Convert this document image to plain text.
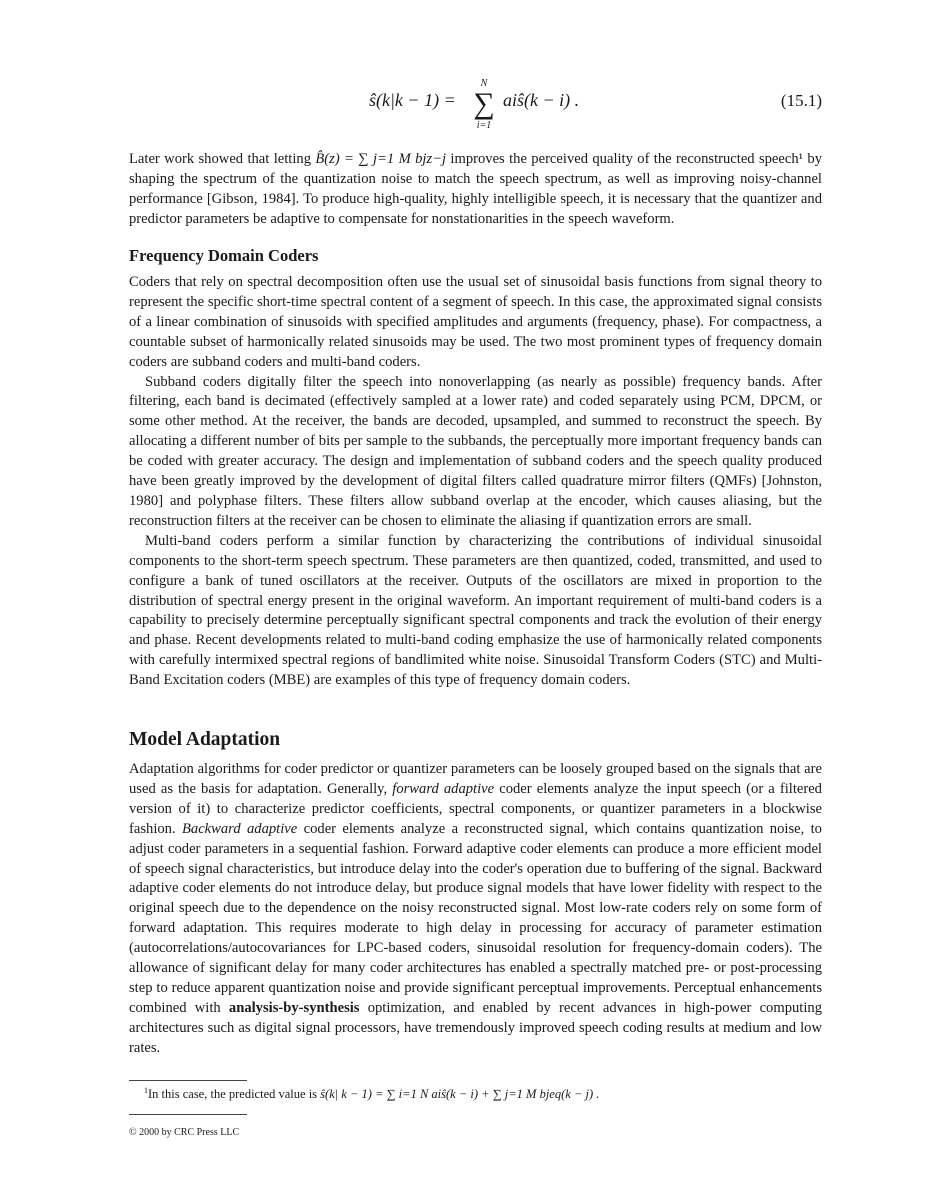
ŝ(k|k − 1) =
N
∑
i=1
aiŝ(k − i) .	(15.1)

Later work showed that letting B̂(z) = ∑ j=1 M bjz−j improves the perceived quality of the reconstructed speech¹ by shaping the spectrum of the quantization noise to match the speech spectrum, as well as improving noisy-channel performance [Gibson, 1984]. To produce high-quality, highly intelligible speech, it is necessary that the quantizer and predictor parameters be adaptive to compensate for nonstationarities in the speech waveform.

Frequency Domain Coders

Coders that rely on spectral decomposition often use the usual set of sinusoidal basis functions from signal theory to represent the specific short-time spectral content of a segment of speech. In this case, the approximated signal consists of a linear combination of sinusoids with specified amplitudes and arguments (frequency, phase). For compactness, a countable subset of harmonically related sinusoids may be used. The two most prominent types of frequency domain coders are subband coders and multi-band coders.

Subband coders digitally filter the speech into nonoverlapping (as nearly as possible) frequency bands. After filtering, each band is decimated (effectively sampled at a lower rate) and coded separately using PCM, DPCM, or some other method. At the receiver, the bands are decoded, upsampled, and summed to reconstruct the speech. By allocating a different number of bits per sample to the subbands, the perceptually more important frequency bands can be coded with greater accuracy. The design and implementation of subband coders and the speech quality produced have been greatly improved by the development of digital filters called quadrature mirror filters (QMFs) [Johnston, 1980] and polyphase filters. These filters allow subband overlap at the encoder, which causes aliasing, but the reconstruction filters at the receiver can be chosen to eliminate the aliasing if quantization errors are small.

Multi-band coders perform a similar function by characterizing the contributions of individual sinusoidal components to the short-term speech spectrum. These parameters are then quantized, coded, transmitted, and used to configure a bank of tuned oscillators at the receiver. Outputs of the oscillators are mixed in proportion to the distribution of spectral energy present in the original waveform. An important requirement of multi-band coders is a capability to precisely determine perceptually significant spectral components and track the evolution of their energy and phase. Recent developments related to multi-band coding emphasize the use of harmonically related components with carefully intermixed spectral regions of bandlimited white noise. Sinusoidal Transform Coders (STC) and Multi-Band Excitation coders (MBE) are examples of this type of frequency domain coders.

Model Adaptation

Adaptation algorithms for coder predictor or quantizer parameters can be loosely grouped based on the signals that are used as the basis for adaptation. Generally, forward adaptive coder elements analyze the input speech (or a filtered version of it) to characterize predictor coefficients, spectral components, or quantizer parameters in a blockwise fashion. Backward adaptive coder elements analyze a reconstructed signal, which contains quantization noise, to adjust coder parameters in a sequential fashion. Forward adaptive coder elements can produce a more efficient model of speech signal characteristics, but introduce delay into the coder's operation due to buffering of the signal. Backward adaptive coder elements do not introduce delay, but produce signal models that have lower fidelity with respect to the original speech due to the dependence on the noisy reconstructed signal. Most low-rate coders rely on some form of forward adaptation. This requires moderate to high delay in processing for accuracy of parameter estimation (autocorrelations/autocovariances for LPC-based coders, sinusoidal resolution for frequency-domain coders). The allowance of significant delay for many coder architectures has enabled a spectrally matched pre- or post-processing step to reduce apparent quantization noise and provide significant perceptual improvements. Perceptual enhancements combined with analysis-by-synthesis optimization, and enabled by recent advances in high-power computing architectures such as digital signal processors, have tremendously improved speech coding results at medium and low rates.

$^1$In this case, the predicted value is ŝ(k| k − 1) = ∑ i=1 N aiŝ(k − i) + ∑ j=1 M bjeq(k − j) .
© 2000 by CRC Press LLC
